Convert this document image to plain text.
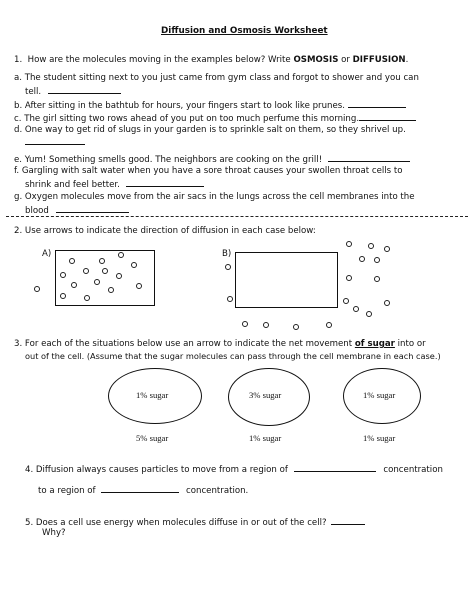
Diffusion and Osmosis Worksheet
1. How are the molecules moving in the examples below? Write OSMOSIS or DIFFUSION.
a. The student sitting next to you just came from gym class and forgot to shower and you can
tell.
b. After sitting in the bathtub for hours, your fingers start to look like prunes.
c. The girl sitting two rows ahead of you put on too much perfume this morning.
d. One way to get rid of slugs in your garden is to sprinkle salt on them, so they shrivel up.
e. Yum! Something smells good. The neighbors are cooking on the grill!
f. Gargling with salt water when you have a sore throat causes your swollen throat cells to
shrink and feel better.
g. Oxygen molecules move from the air sacs in the lungs across the cell membranes into the
blood
2. Use arrows to indicate the direction of diffusion in each case below:
A)	B)
3. For each of the situations below use an arrow to indicate the net movement of sugar into or
out of the cell. (Assume that the sugar molecules can pass through the cell membrane in each case.)
1% sugar
5% sugar
3% sugar
1% sugar
1% sugar
1% sugar
4. Diffusion always causes particles to move from a region of	concentration
to a region of	concentration.
5. Does a cell use energy when molecules diffuse in or out of the cell?
Why?
